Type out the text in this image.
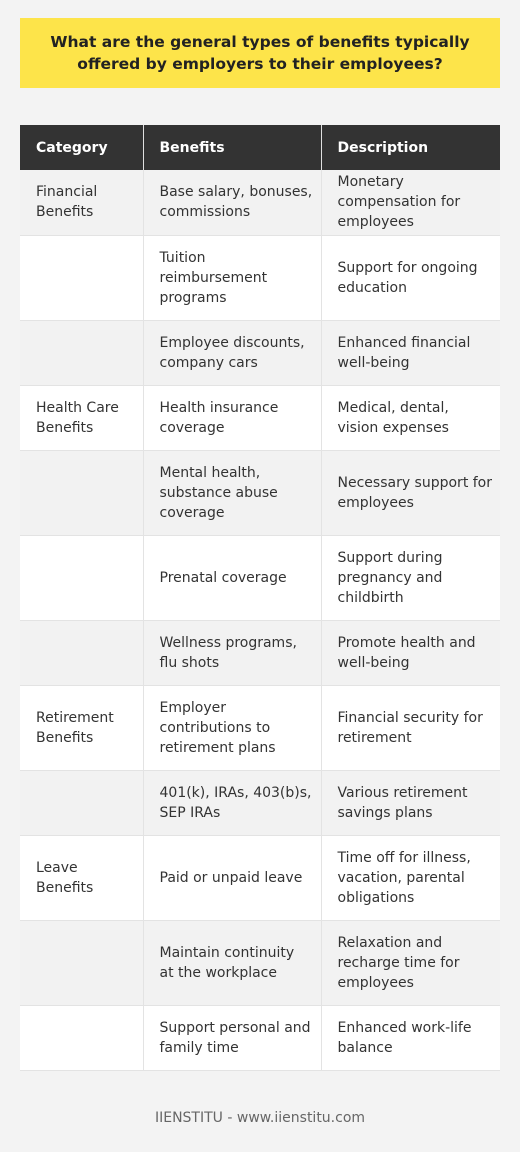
What are the general types of benefits typically offered by employers to their employees?
Category	Benefits	Description
Financial Benefits	Base salary, bonuses, commissions	Monetary compensation for employees
	Tuition reimbursement programs	Support for ongoing education
	Employee discounts, company cars	Enhanced financial well-being
Health Care Benefits	Health insurance coverage	Medical, dental, vision expenses
	Mental health, substance abuse coverage	Necessary support for employees
	Prenatal coverage	Support during pregnancy and childbirth
	Wellness programs, flu shots	Promote health and well-being
Retirement Benefits	Employer contributions to retirement plans	Financial security for retirement
	401(k), IRAs, 403(b)s, SEP IRAs	Various retirement savings plans
Leave Benefits	Paid or unpaid leave	Time off for illness, vacation, parental obligations
	Maintain continuity at the workplace	Relaxation and recharge time for employees
	Support personal and family time	Enhanced work-life balance
IIENSTITU - www.iienstitu.com
